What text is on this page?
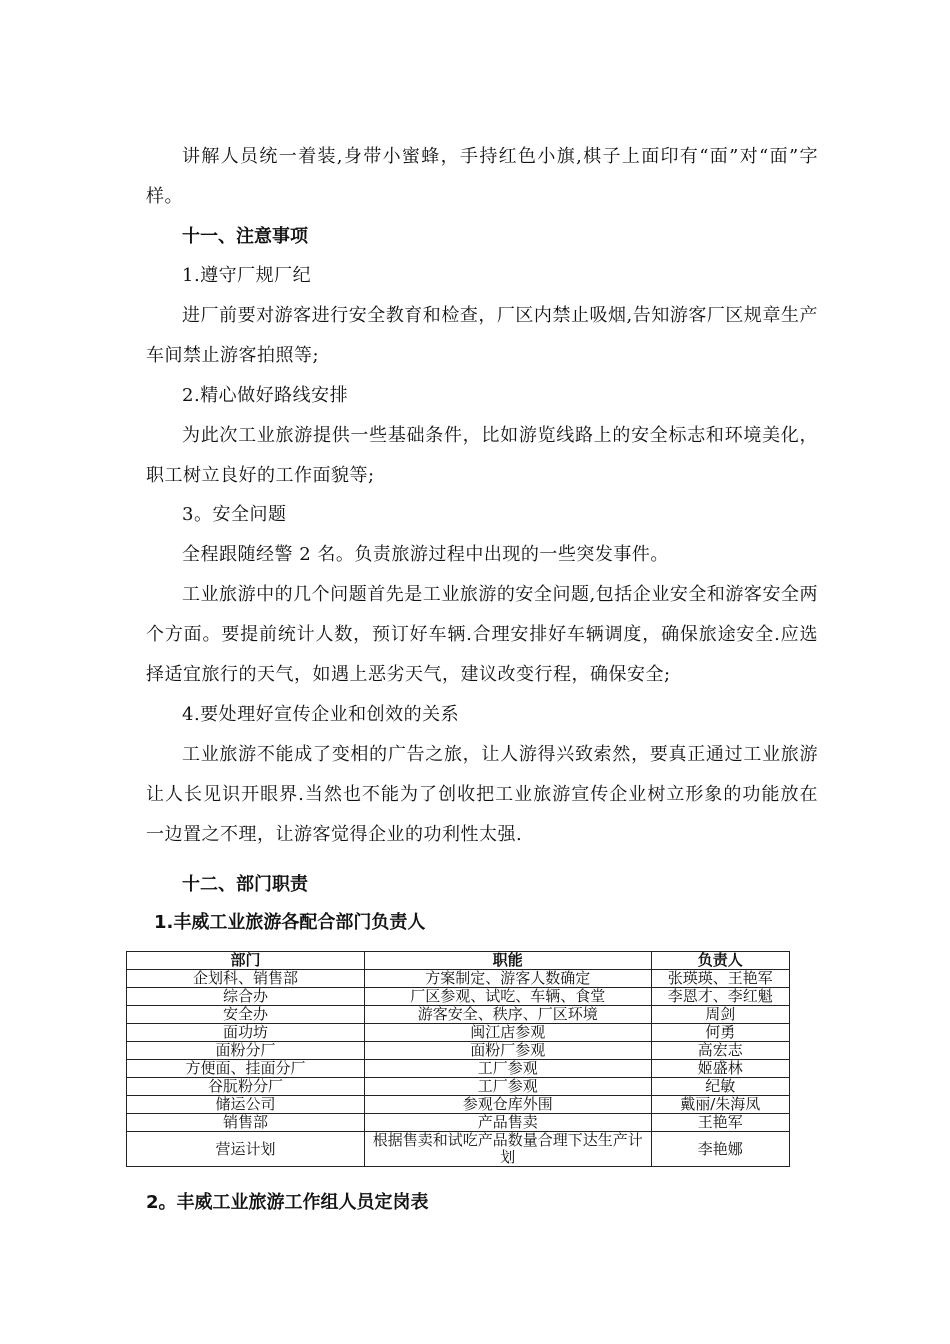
讲解人员统一着装,身带小蜜蜂，手持红色小旗,棋子上面印有“面”对“面”字样。

十一、注意事项

1.遵守厂规厂纪

进厂前要对游客进行安全教育和检查，厂区内禁止吸烟,告知游客厂区规章生产车间禁止游客拍照等;

2.精心做好路线安排

为此次工业旅游提供一些基础条件，比如游览线路上的安全标志和环境美化，职工树立良好的工作面貌等;

3。安全问题

全程跟随经警 2 名。负责旅游过程中出现的一些突发事件。

工业旅游中的几个问题首先是工业旅游的安全问题,包括企业安全和游客安全两个方面。要提前统计人数，预订好车辆.合理安排好车辆调度，确保旅途安全.应选择适宜旅行的天气，如遇上恶劣天气，建议改变行程，确保安全;

4.要处理好宣传企业和创效的关系

工业旅游不能成了变相的广告之旅，让人游得兴致索然，要真正通过工业旅游让人长见识开眼界.当然也不能为了创收把工业旅游宣传企业树立形象的功能放在一边置之不理，让游客觉得企业的功利性太强.

十二、部门职责

1.丰威工业旅游各配合部门负责人

部门	职能	负责人
企划科、销售部	方案制定、游客人数确定	张瑛瑛、王艳军
综合办	厂区参观、试吃、车辆、食堂	李恩才、李红魁
安全办	游客安全、秩序、厂区环境	周剑
面功坊	闽江店参观	何勇
面粉分厂	面粉厂参观	高宏志
方便面、挂面分厂	工厂参观	姬盛林
谷朊粉分厂	工厂参观	纪敏
储运公司	参观仓库外围	戴丽/朱海凤
销售部	产品售卖	王艳军
营运计划	根据售卖和试吃产品数量合理下达生产计划	李艳娜

2。丰威工业旅游工作组人员定岗表
